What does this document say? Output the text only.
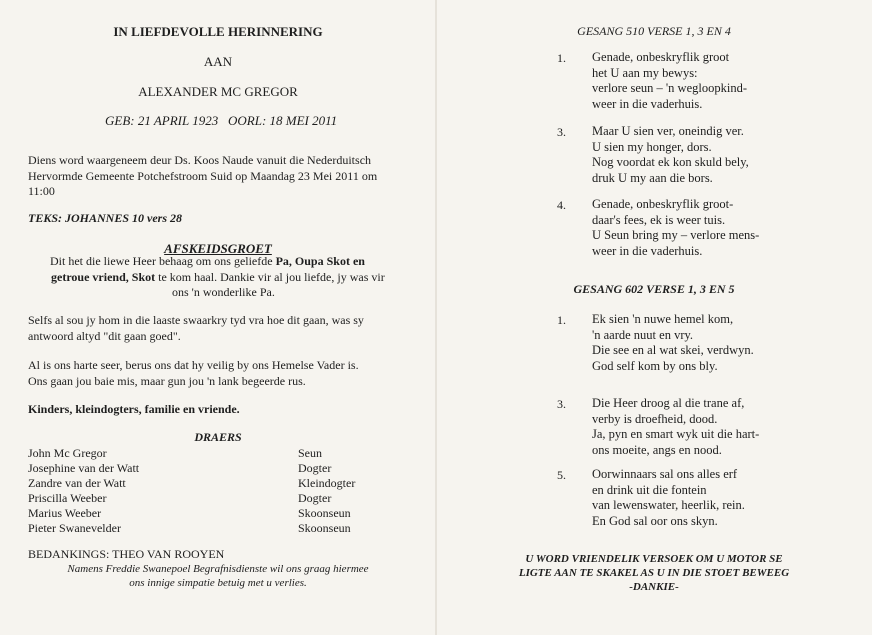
IN LIEFDEVOLLE HERINNERING
AAN
ALEXANDER MC GREGOR
GEB: 21 APRIL 1923   OORL: 18 MEI 2011
Diens word waargeneem deur Ds. Koos Naude vanuit die Nederduitsch
Hervormde Gemeente Potchefstroom Suid op Maandag 23 Mei 2011 om
11:00
TEKS: JOHANNES 10 vers 28
AFSKEIDSGROET
Dit het die liewe Heer behaag om ons geliefde Pa, Oupa Skot en
getroue vriend, Skot te kom haal. Dankie vir al jou liefde, jy was vir
ons 'n wonderlike Pa.
Selfs al sou jy hom in die laaste swaarkry tyd vra hoe dit gaan, was sy
antwoord altyd "dit gaan goed".
Al is ons harte seer, berus ons dat hy veilig by ons Hemelse Vader is.
Ons gaan jou baie mis, maar gun jou 'n lank begeerde rus.
Kinders, kleindogters, familie en vriende.
DRAERS
John Mc Gregor	Seun
Josephine van der Watt	Dogter
Zandre van der Watt	Kleindogter
Priscilla Weeber	Dogter
Marius Weeber	Skoonseun
Pieter Swanevelder	Skoonseun
BEDANKINGS: THEO VAN ROOYEN
Namens Freddie Swanepoel Begrafnisdienste wil ons graag hiermee
ons innige simpatie betuig met u verlies.
GESANG 510 VERSE 1, 3 EN 4
1. Genade, onbeskryflik groot
het U aan my bewys:
verlore seun – 'n wegloopkind-
weer in die vaderhuis.
3. Maar U sien ver, oneindig ver.
U sien my honger, dors.
Nog voordat ek kon skuld bely,
druk U my aan die bors.
4. Genade, onbeskryflik groot-
daar's fees, ek is weer tuis.
U Seun bring my – verlore mens-
weer in die vaderhuis.
GESANG 602 VERSE 1, 3 EN 5
1. Ek sien 'n nuwe hemel kom,
'n aarde nuut en vry.
Die see en al wat skei, verdwyn.
God self kom by ons bly.
3. Die Heer droog al die trane af,
verby is droefheid, dood.
Ja, pyn en smart wyk uit die hart-
ons moeite, angs en nood.
5. Oorwinnaars sal ons alles erf
en drink uit die fontein
van lewenswater, heerlik, rein.
En God sal oor ons skyn.
U WORD VRIENDELIK VERSOEK OM U MOTOR SE
LIGTE AAN TE SKAKEL AS U IN DIE STOET BEWEEG
-DANKIE-
